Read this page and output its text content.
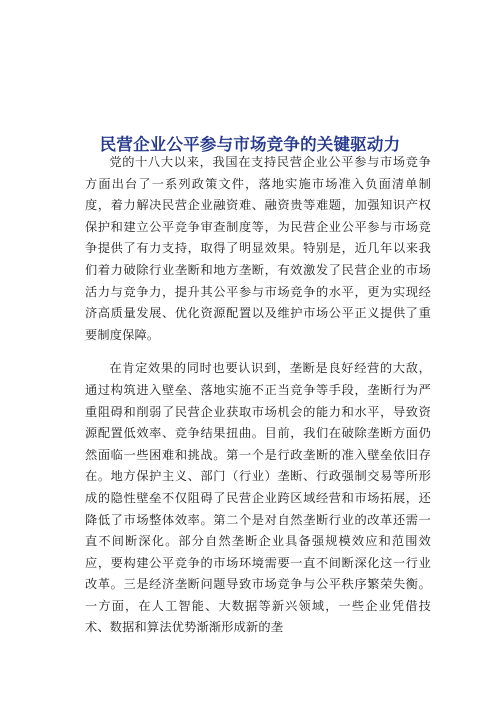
民营企业公平参与市场竞争的关键驱动力

党的十八大以来，我国在支持民营企业公平参与市场竞争方面出台了一系列政策文件，落地实施市场准入负面清单制度，着力解决民营企业融资难、融资贵等难题，加强知识产权保护和建立公平竞争审查制度等，为民营企业公平参与市场竞争提供了有力支持，取得了明显效果。特别是，近几年以来我们着力破除行业垄断和地方垄断，有效激发了民营企业的市场活力与竞争力，提升其公平参与市场竞争的水平，更为实现经济高质量发展、优化资源配置以及维护市场公平正义提供了重要制度保障。

在肯定效果的同时也要认识到，垄断是良好经营的大敌，通过构筑进入壁垒、落地实施不正当竞争等手段，垄断行为严重阻碍和削弱了民营企业获取市场机会的能力和水平，导致资源配置低效率、竞争结果扭曲。目前，我们在破除垄断方面仍然面临一些困难和挑战。第一个是行政垄断的准入壁垒依旧存在。地方保护主义、部门（行业）垄断、行政强制交易等所形成的隐性壁垒不仅阻碍了民营企业跨区域经营和市场拓展，还降低了市场整体效率。第二个是对自然垄断行业的改革还需一直不间断深化。部分自然垄断企业具备强规模效应和范围效应，要构建公平竞争的市场环境需要一直不间断深化这一行业改革。三是经济垄断问题导致市场竞争与公平秩序繁荣失衡。一方面，在人工智能、大数据等新兴领域，一些企业凭借技术、数据和算法优势渐渐形成新的垄
